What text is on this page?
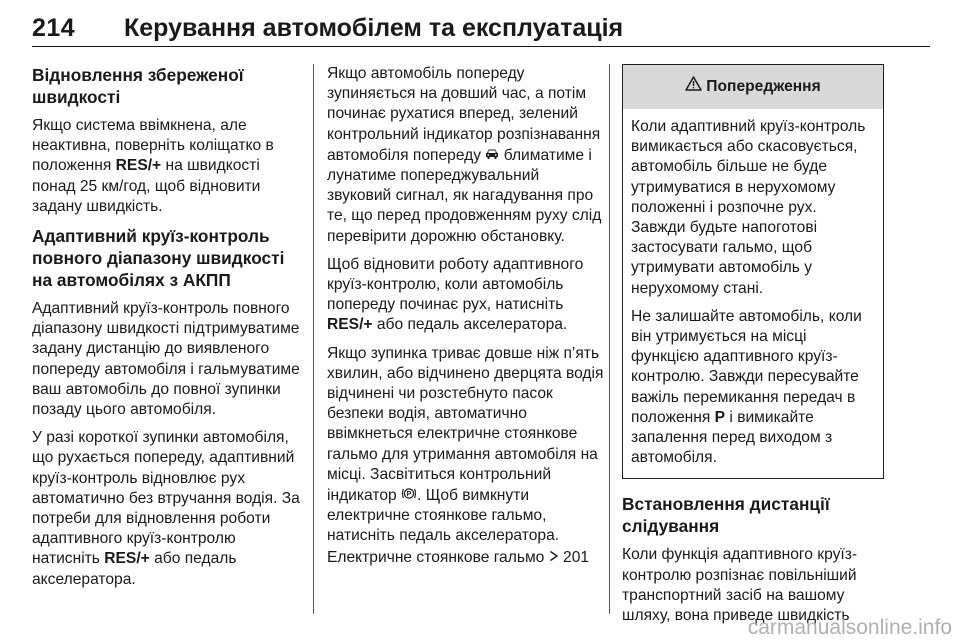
214 Керування автомобілем та експлуатація
Відновлення збереженої швидкості

Якщо система ввімкнена, але неактивна, поверніть коліщатко в положення RES/+ на швидкості понад 25 км/год, щоб відновити задану швидкість.

Адаптивний круїз-контроль повного діапазону швидкості на автомобілях з АКПП

Адаптивний круїз-контроль повного діапазону швидкості підтримуватиме задану дистанцію до виявленого попереду автомобіля і гальмуватиме ваш автомобіль до повної зупинки позаду цього автомобіля.

У разі короткої зупинки автомобіля, що рухається попереду, адаптивний круїз-контроль відновлює рух автоматично без втручання водія. За потреби для відновлення роботи адаптивного круїз-контролю натисніть RES/+ або педаль акселератора.

Якщо автомобіль попереду зупиняється на довший час, а потім починає рухатися вперед, зелений контрольний індикатор розпізнавання автомобіля попереду  блиматиме і лунатиме попереджувальний звуковий сигнал, як нагадування про те, що перед продовженням руху слід перевірити дорожню обстановку.

Щоб відновити роботу адаптивного круїз-контролю, коли автомобіль попереду починає рух, натисніть RES/+ або педаль акселератора.

Якщо зупинка триває довше ніж п’ять хвилин, або відчинено дверцята водія відчинені чи розстебнуто пасок безпеки водія, автоматично ввімкнеться електричне стоянкове гальмо для утримання автомобіля на місці. Засвітиться контрольний індикатор P . Щоб вимкнути електричне стоянкове гальмо, натисніть педаль акселератора. Електричне стоянкове гальмо  201

Попередження

Коли адаптивний круїз-контроль вимикається або скасовується, автомобіль більше не буде утримуватися в нерухомому положенні і розпочне рух. Завжди будьте напоготові застосувати гальмо, щоб утримувати автомобіль у нерухомому стані.

Не залишайте автомобіль, коли він утримується на місці функцією адаптивного круїз-контролю. Завжди пересувайте важіль перемикання передач в положення P і вимикайте запалення перед виходом з автомобіля.

Встановлення дистанції слідування

Коли функція адаптивного круїз-контролю розпізнає повільніший транспортний засіб на вашому шляху, вона приведе швидкість

carmanualsonline.info
